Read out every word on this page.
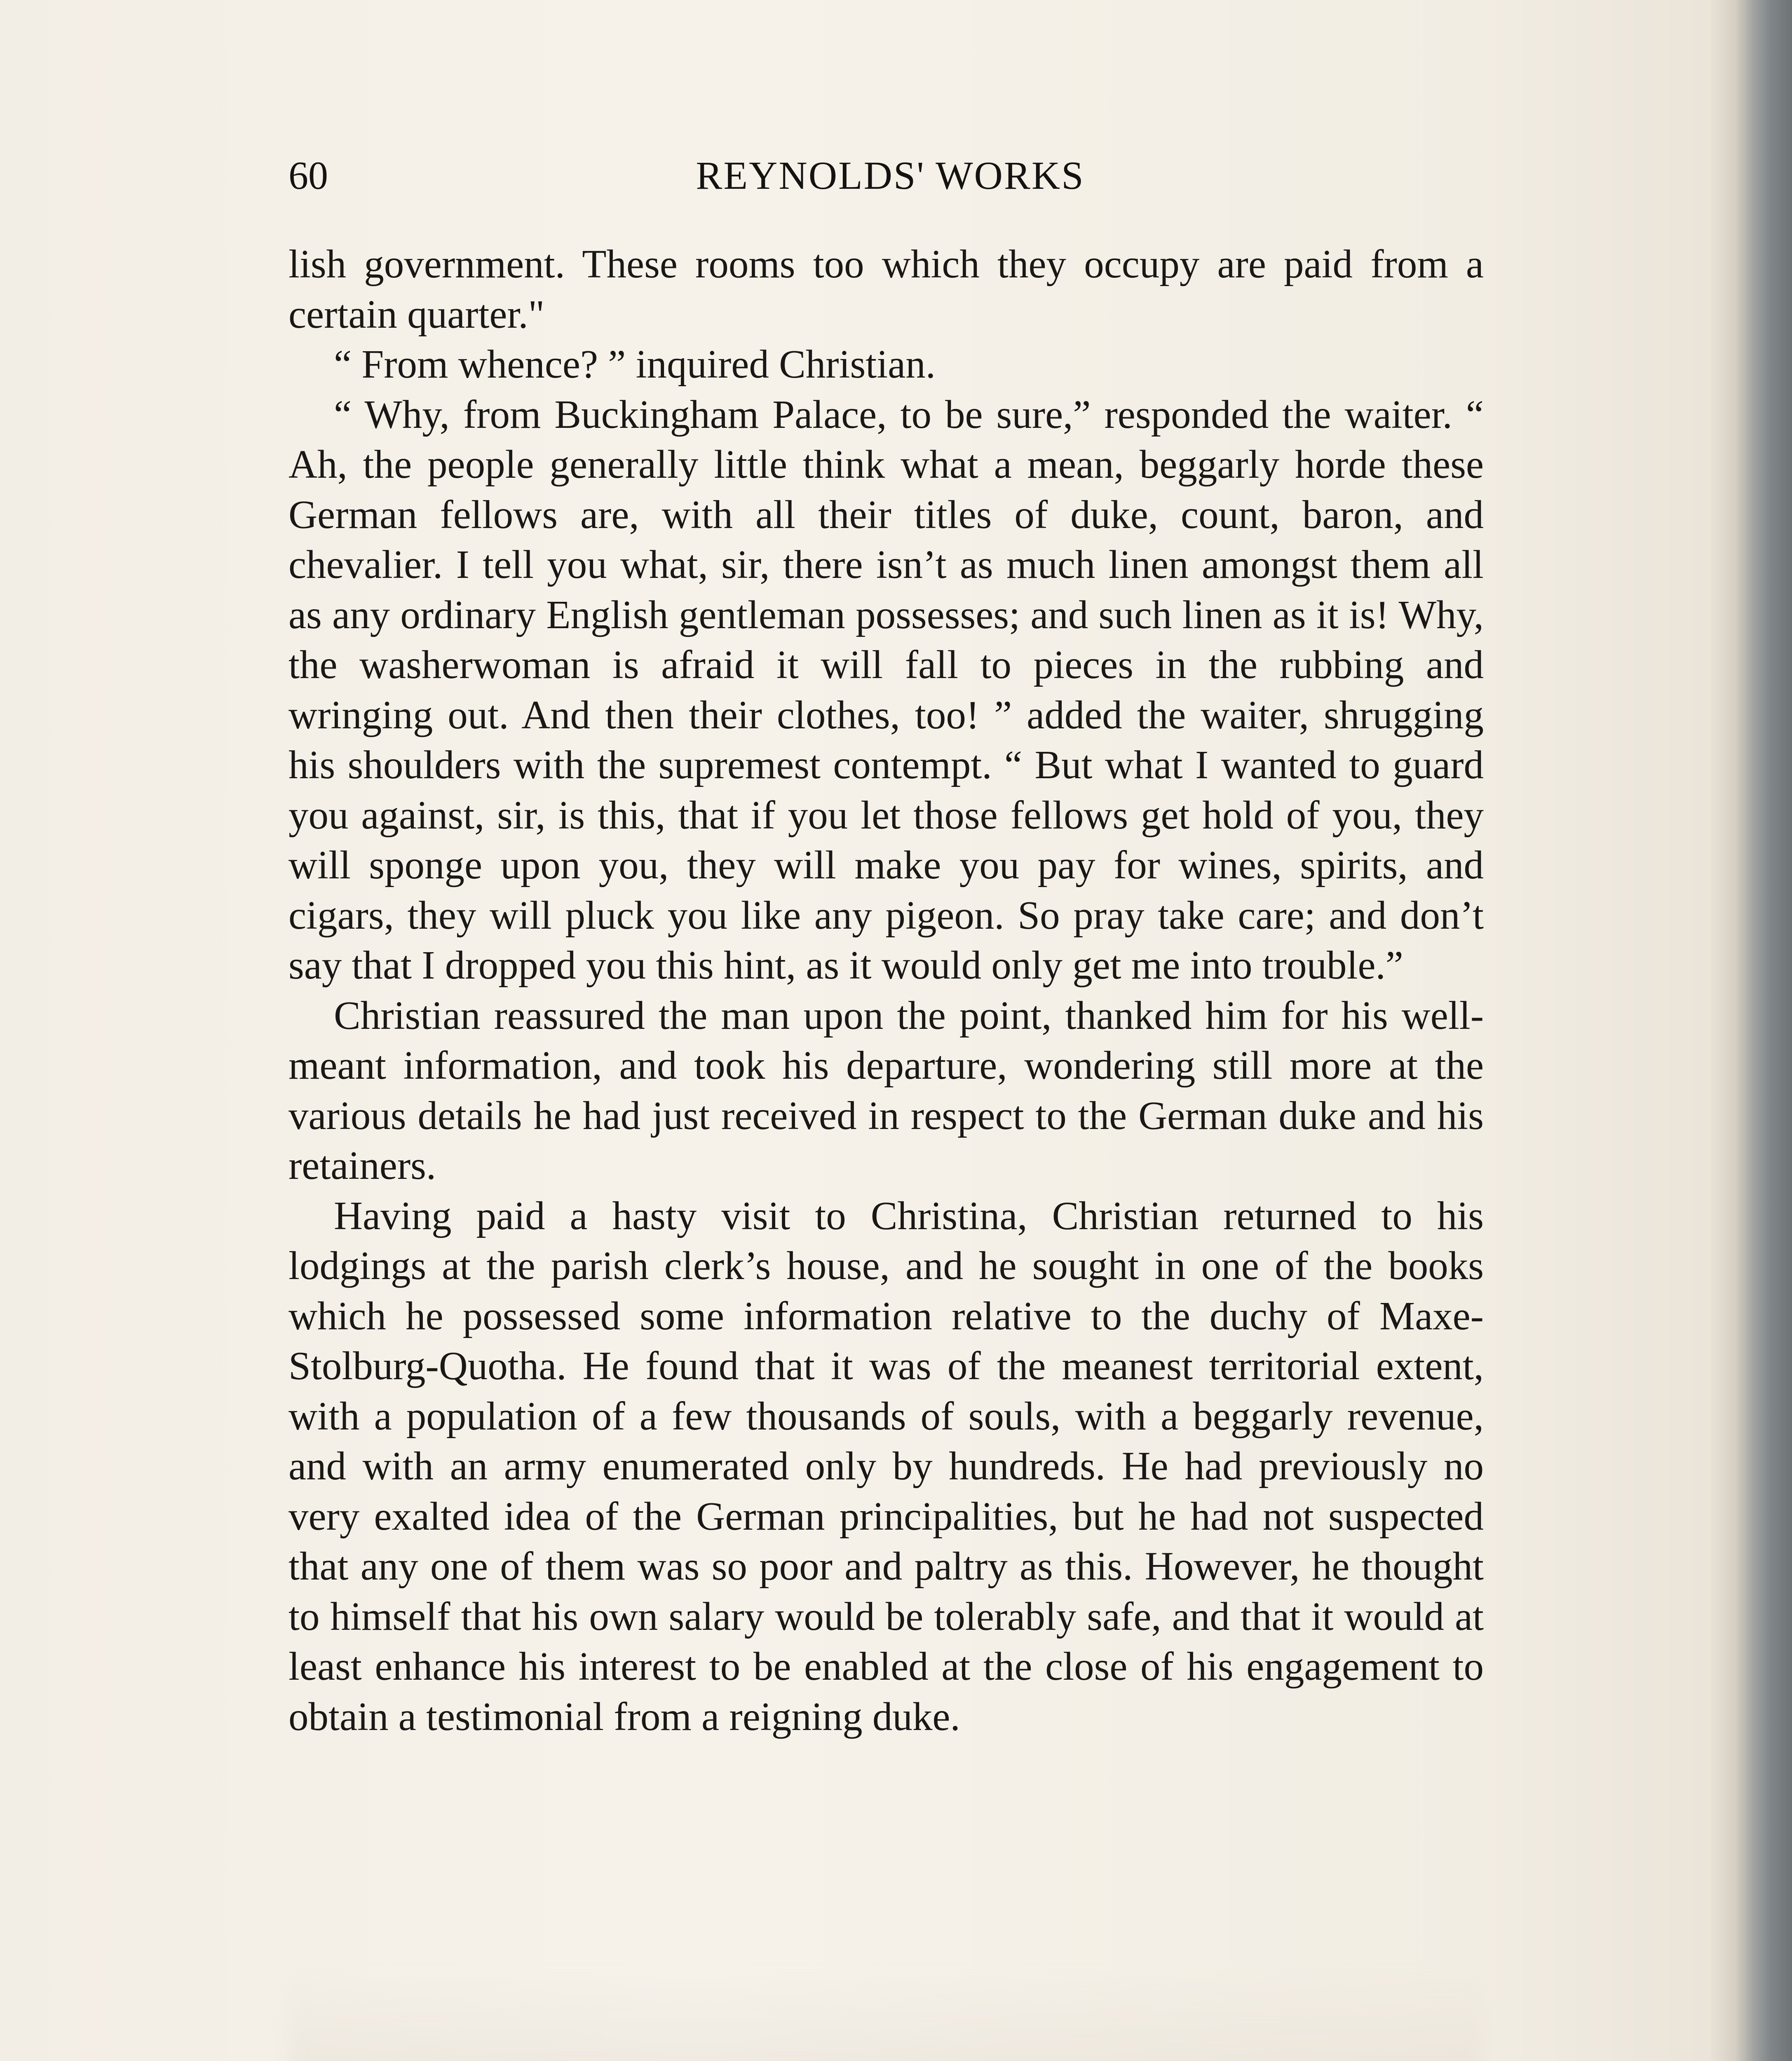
60	REYNOLDS' WORKS

lish government. These rooms too which they occupy are paid from a certain quarter."

“ From whence? ” inquired Christian.

“ Why, from Buckingham Palace, to be sure,” responded the waiter. “ Ah, the people generally little think what a mean, beggarly horde these German fellows are, with all their titles of duke, count, baron, and chevalier. I tell you what, sir, there isn’t as much linen amongst them all as any ordinary English gentleman possesses; and such linen as it is! Why, the washerwoman is afraid it will fall to pieces in the rubbing and wringing out. And then their clothes, too! ” added the waiter, shrugging his shoulders with the supremest contempt. “ But what I wanted to guard you against, sir, is this, that if you let those fellows get hold of you, they will sponge upon you, they will make you pay for wines, spirits, and cigars, they will pluck you like any pigeon. So pray take care; and don’t say that I dropped you this hint, as it would only get me into trouble.”

Christian reassured the man upon the point, thanked him for his well-meant information, and took his departure, wondering still more at the various details he had just received in respect to the German duke and his retainers.

Having paid a hasty visit to Christina, Christian returned to his lodgings at the parish clerk’s house, and he sought in one of the books which he possessed some information relative to the duchy of Maxe-Stolburg-Quotha. He found that it was of the meanest territorial extent, with a population of a few thousands of souls, with a beggarly revenue, and with an army enumerated only by hundreds. He had previously no very exalted idea of the German principalities, but he had not suspected that any one of them was so poor and paltry as this. However, he thought to himself that his own salary would be tolerably safe, and that it would at least enhance his interest to be enabled at the close of his engagement to obtain a testimonial from a reigning duke.
